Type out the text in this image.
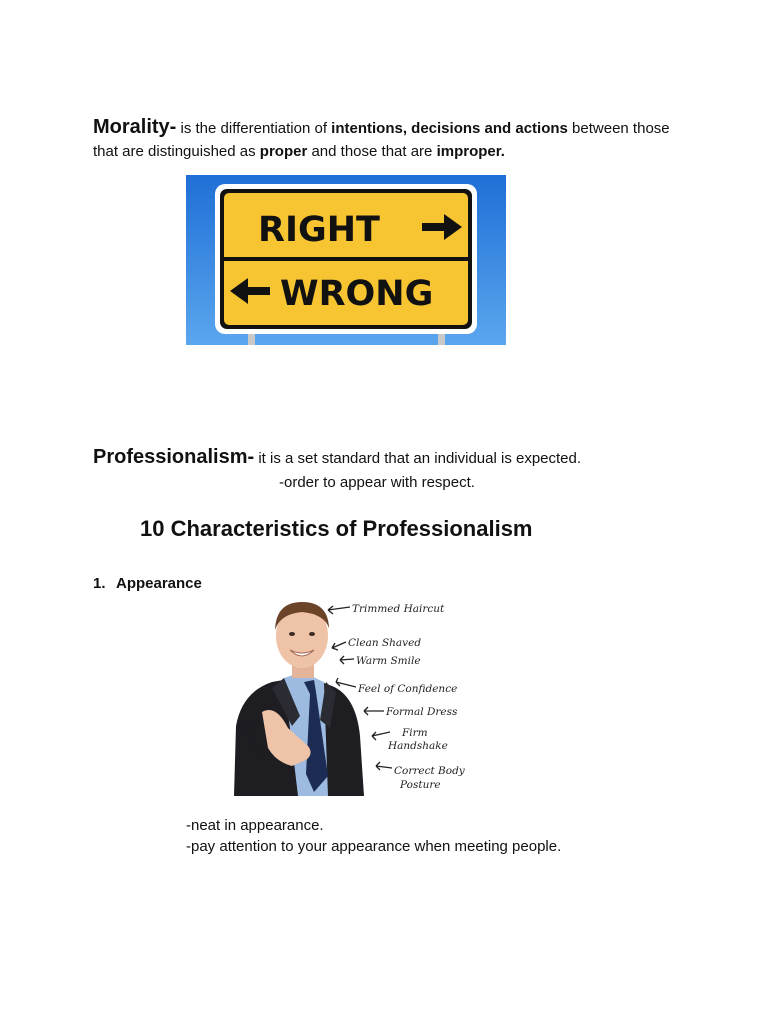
Morality- is the differentiation of intentions, decisions and actions between those that are distinguished as proper and those that are improper.
RIGHT
WRONG
Professionalism- it is a set standard that an individual is expected.
-order to appear with respect.
10 Characteristics of Professionalism
1. Appearance
Trimmed Haircut
Clean Shaved
Warm Smile
Feel of Confidence
Formal Dress
Firm
Handshake
Correct Body
Posture
-neat in appearance.
-pay attention to your appearance when meeting people.
